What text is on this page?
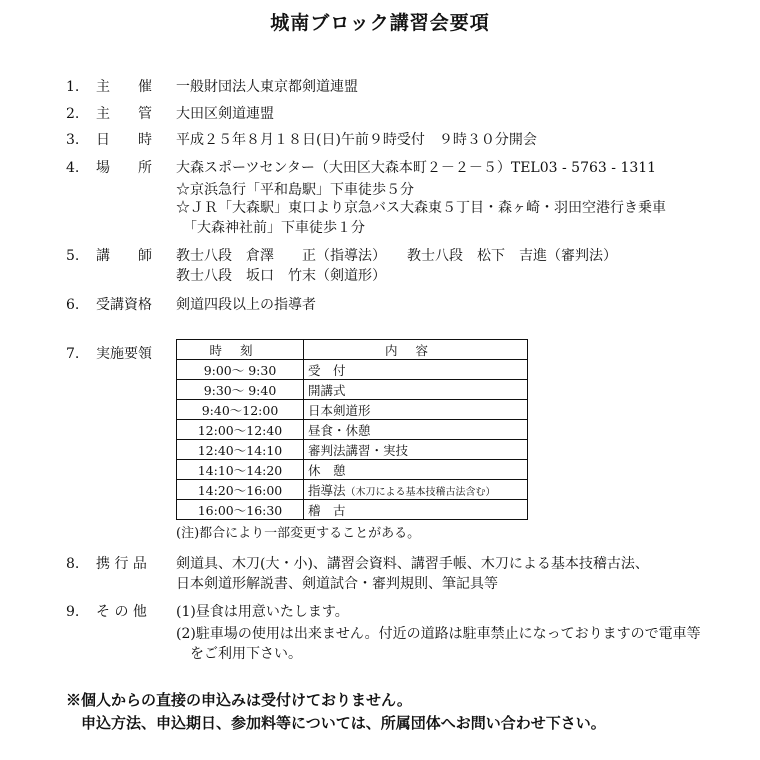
城南ブロック講習会要項
1. 主　　催	一般財団法人東京都剣道連盟
2. 主　　管	大田区剣道連盟
3. 日　　時	平成２５年８月１８日(日)午前９時受付　９時３０分開会
4. 場　　所	大森スポーツセンター（大田区大森本町２－２－５）TEL03 - 5763 - 1311
☆京浜急行「平和島駅」下車徒歩５分
☆ＪＲ「大森駅」東口より京急バス大森東５丁目・森ヶ崎・羽田空港行き乗車
　「大森神社前」下車徒歩１分
5. 講　　師	教士八段　倉澤　　正（指導法）　　教士八段　松下　吉進（審判法）
教士八段　坂口　竹末（剣道形）
6. 受講資格	剣道四段以上の指導者
7. 実施要領	時刻	内容
9:00～ 9:30	受　付
9:30～ 9:40	開講式
9:40～12:00	日本剣道形
12:00～12:40	昼食・休憩
12:40～14:10	審判法講習・実技
14:10～14:20	休　憩
14:20～16:00	指導法（木刀による基本技稽古法含む）
16:00～16:30	稽　古
(注)都合により一部変更することがある。
8. 携 行 品	剣道具、木刀(大・小)、講習会資料、講習手帳、木刀による基本技稽古法、
日本剣道形解説書、剣道試合・審判規則、筆記具等
9. そ の 他	(1)昼食は用意いたします。
(2)駐車場の使用は出来ません。付近の道路は駐車禁止になっておりますので電車等
　をご利用下さい。
※個人からの直接の申込みは受付けておりません。
　申込方法、申込期日、参加料等については、所属団体へお問い合わせ下さい。
